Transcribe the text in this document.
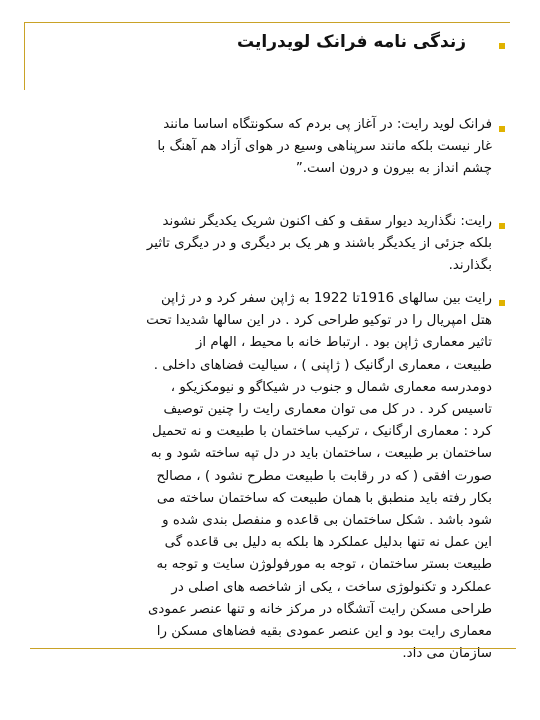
زندگی نامه فرانک لویدرایت

فرانک لوید رایت: در آغاز پی بردم که سکونتگاه اساسا مانند
غار نیست بلکه مانند سرپناهی وسیع در هوای آزاد هم آهنگ با
چشم انداز به بیرون و درون است.”

رایت: نگذارید دیوار سقف و کف اکنون شریک یکدیگر نشوند
بلکه جزئی از یکدیگر باشند و هر یک بر دیگری و در دیگری تاثیر
بگذارند.

رایت بین سالهای 1916تا 1922 به ژاپن سفر کرد و در ژاپن
هتل امپریال را در توکیو طراحی کرد . در این سالها شدیدا تحت
تاثیر معماری ژاپن بود . ارتباط خانه با محیط ، الهام از
طبیعت ، معماری ارگانیک ( ژاپنی ) ، سیالیت فضاهای داخلی .
دومدرسه معماری شمال و جنوب در شیکاگو و نیومکزیکو ،
تاسیس کرد . در کل می توان معماری رایت را چنین توصیف
کرد : معماری ارگانیک ، ترکیب ساختمان با طبیعت و نه تحمیل
ساختمان بر طبیعت ، ساختمان باید در دل تپه ساخته شود و به
صورت افقی ( که در رقابت با طبیعت مطرح نشود ) ، مصالح
بکار رفته باید منطبق با همان طبیعت که ساختمان ساخته می
شود باشد . شکل ساختمان بی قاعده و منفصل بندی شده و
این عمل نه تنها بدلیل عملکرد ها بلکه به دلیل بی قاعده گی
طبیعت بستر ساختمان ، توجه به مورفولوژن سایت و توجه به
عملکرد و تکنولوژی ساخت ، یکی از شاخصه های اصلی در
طراحی مسکن رایت آتشگاه در مرکز خانه و تنها عنصر عمودی
معماری رایت بود و این عنصر عمودی بقیه فضاهای مسکن را
سازمان می داد.
